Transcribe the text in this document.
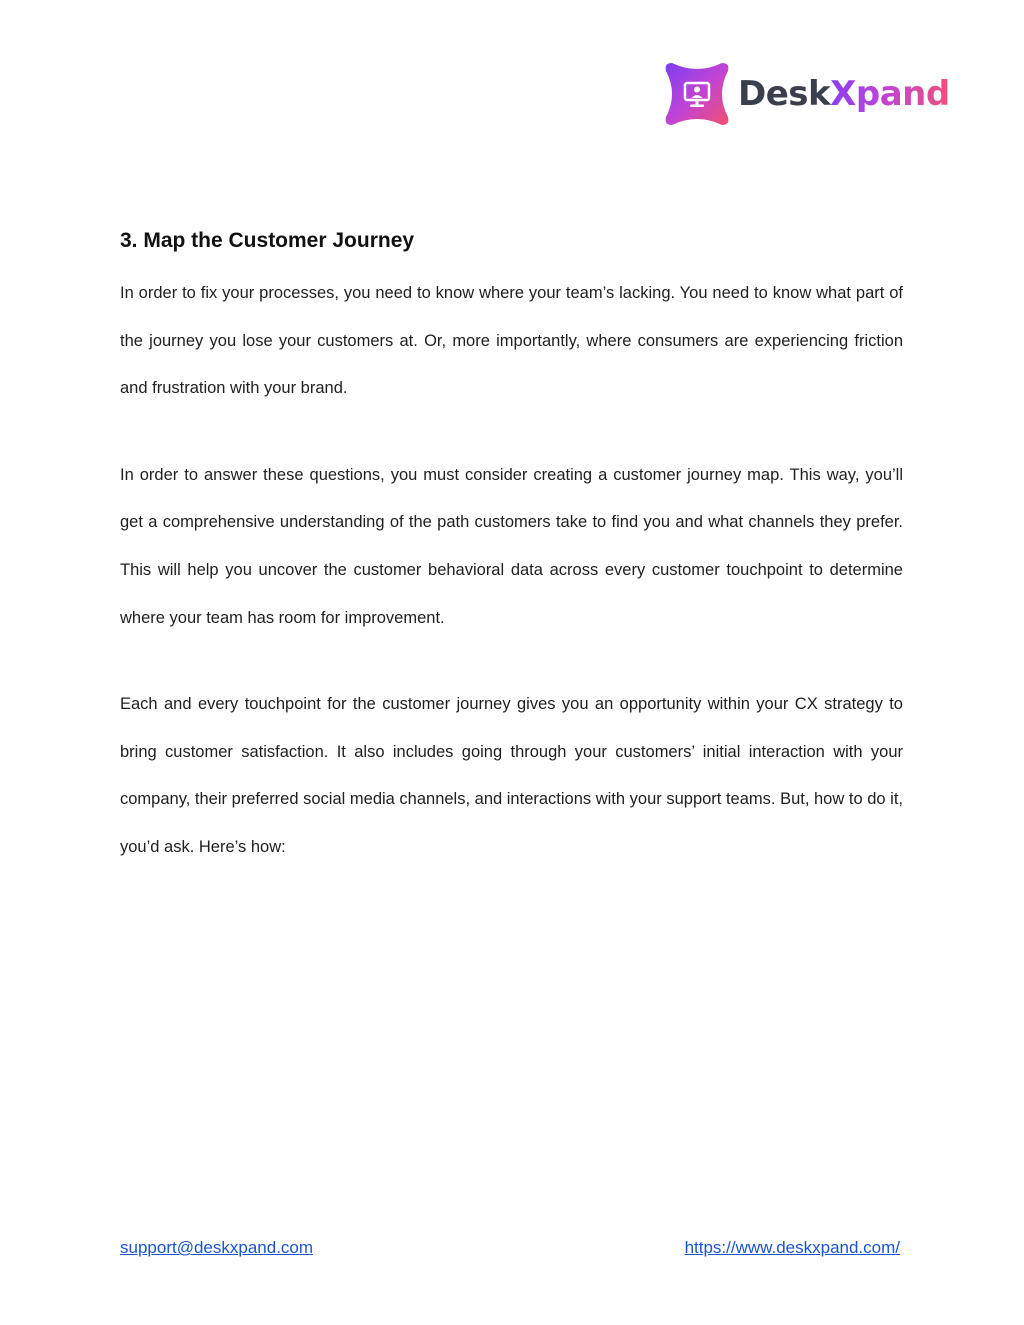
DeskXpand
3. Map the Customer Journey

In order to fix your processes, you need to know where your team’s lacking. You need to know what part of the journey you lose your customers at. Or, more importantly, where consumers are experiencing friction and frustration with your brand.

In order to answer these questions, you must consider creating a customer journey map. This way, you’ll get a comprehensive understanding of the path customers take to find you and what channels they prefer. This will help you uncover the customer behavioral data across every customer touchpoint to determine where your team has room for improvement.

Each and every touchpoint for the customer journey gives you an opportunity within your CX strategy to bring customer satisfaction. It also includes going through your customers’ initial interaction with your company, their preferred social media channels, and interactions with your support teams. But, how to do it, you’d ask. Here’s how:

support@deskxpand.com	https://www.deskxpand.com/
